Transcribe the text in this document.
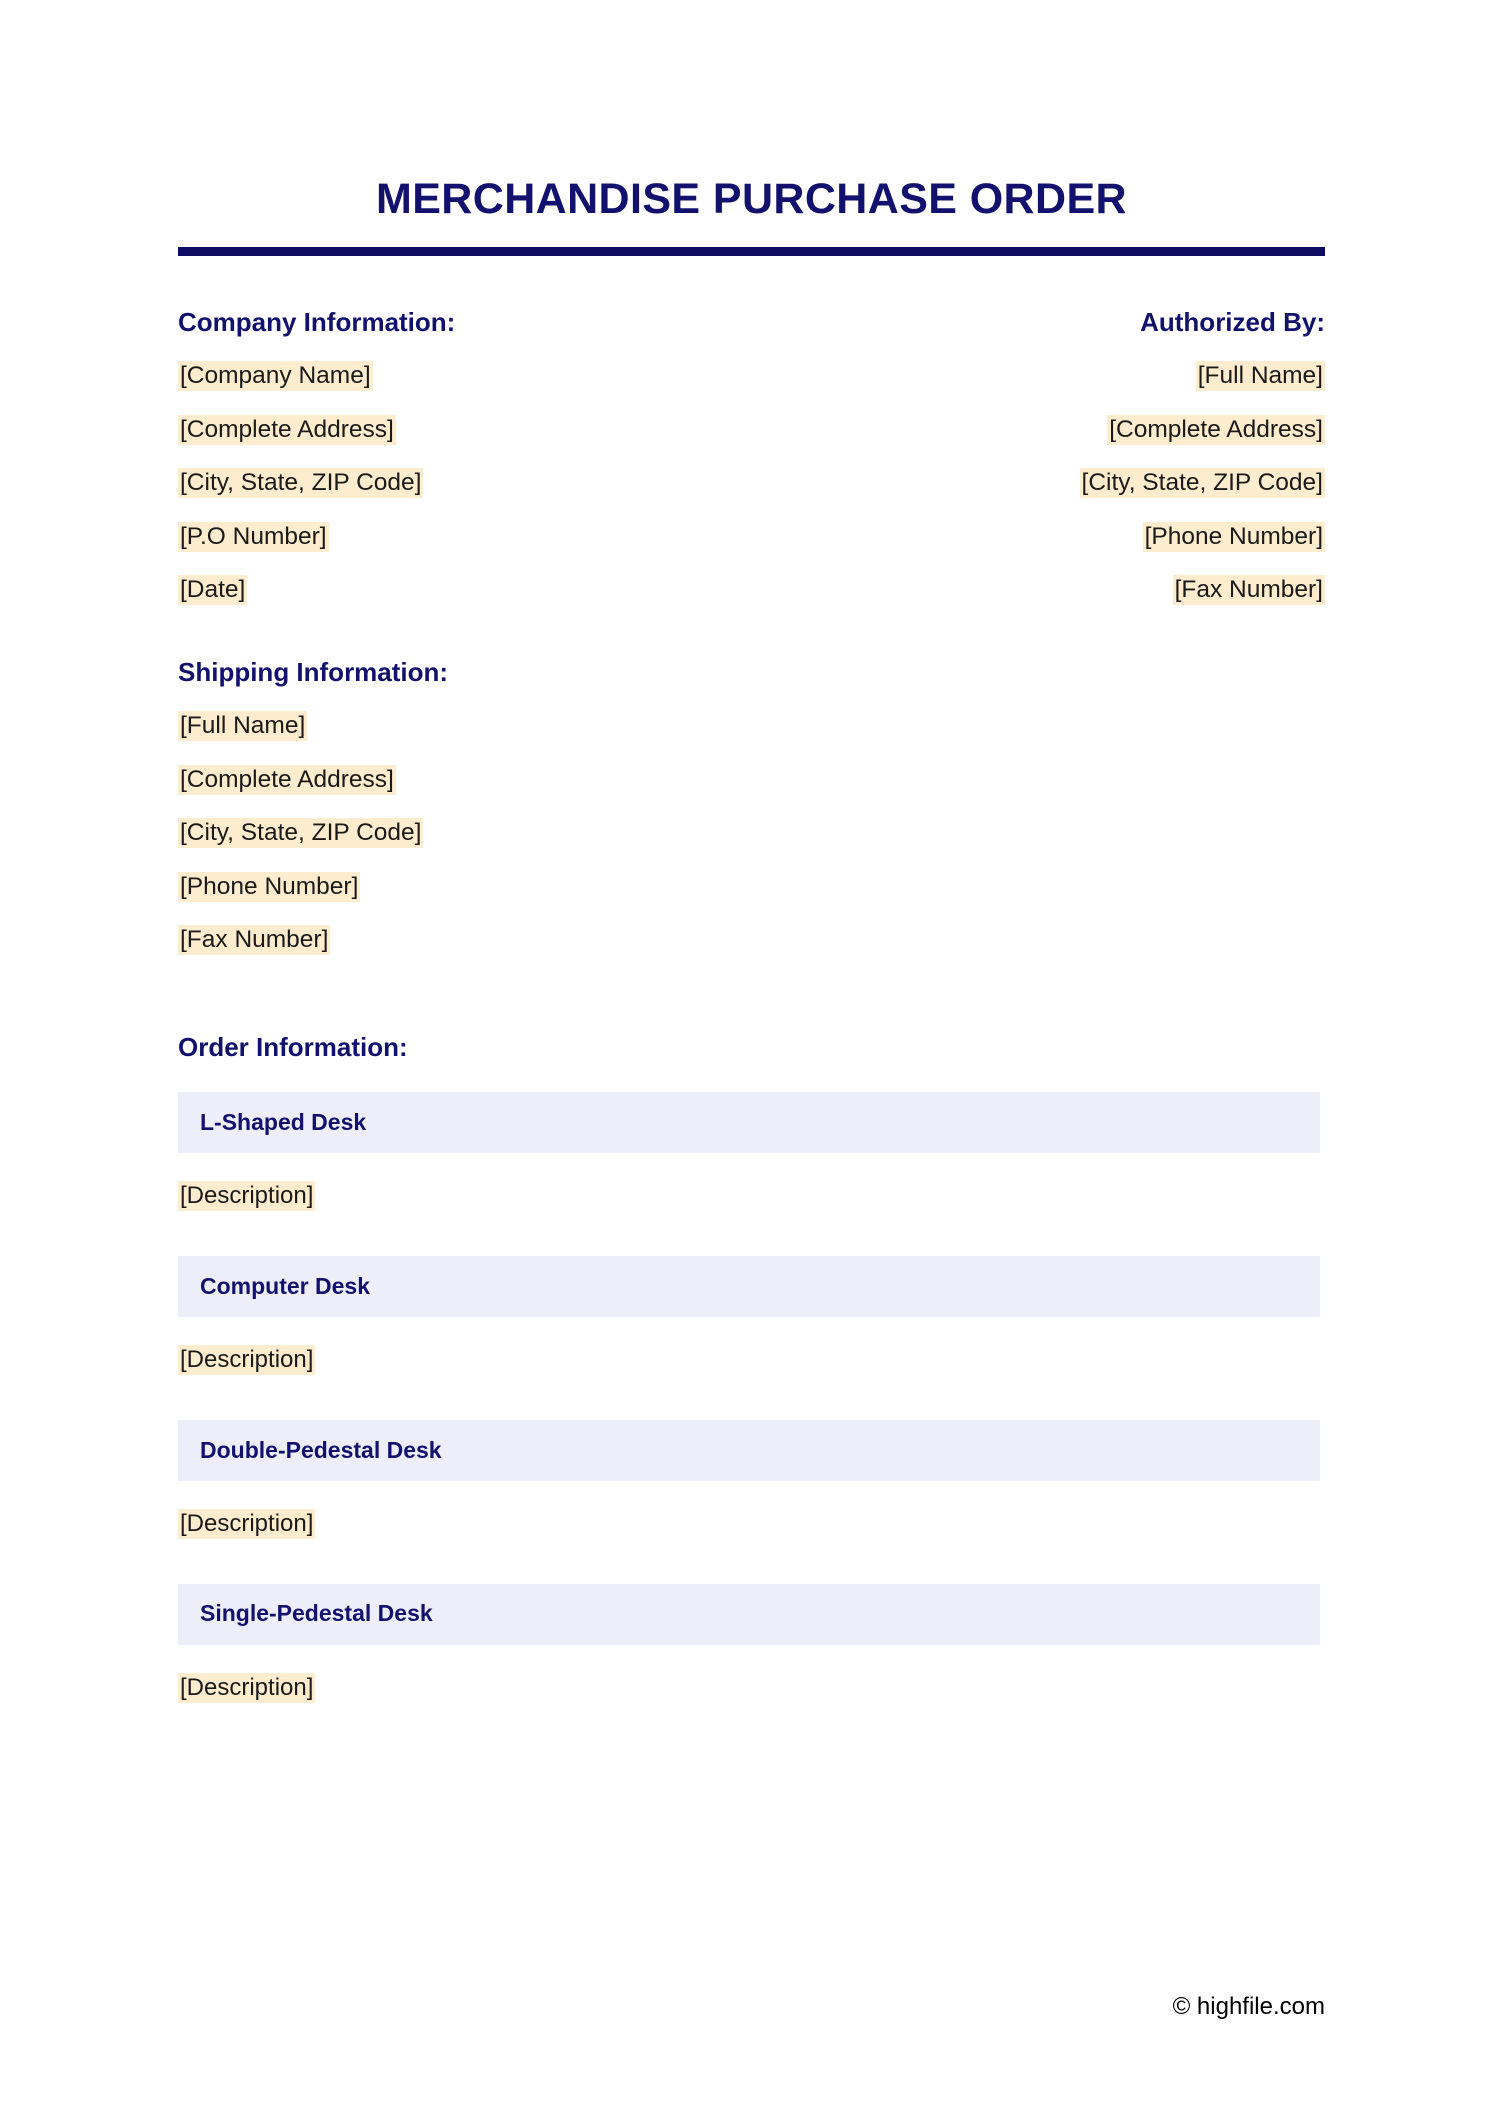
MERCHANDISE PURCHASE ORDER
Company Information:
[Company Name]
[Complete Address]
[City, State, ZIP Code]
[P.O Number]
[Date]
Authorized By:
[Full Name]
[Complete Address]
[City, State, ZIP Code]
[Phone Number]
[Fax Number]
Shipping Information:
[Full Name]
[Complete Address]
[City, State, ZIP Code]
[Phone Number]
[Fax Number]
Order Information:
L-Shaped Desk
[Description]
Computer Desk
[Description]
Double-Pedestal Desk
[Description]
Single-Pedestal Desk
[Description]
© highfile.com
